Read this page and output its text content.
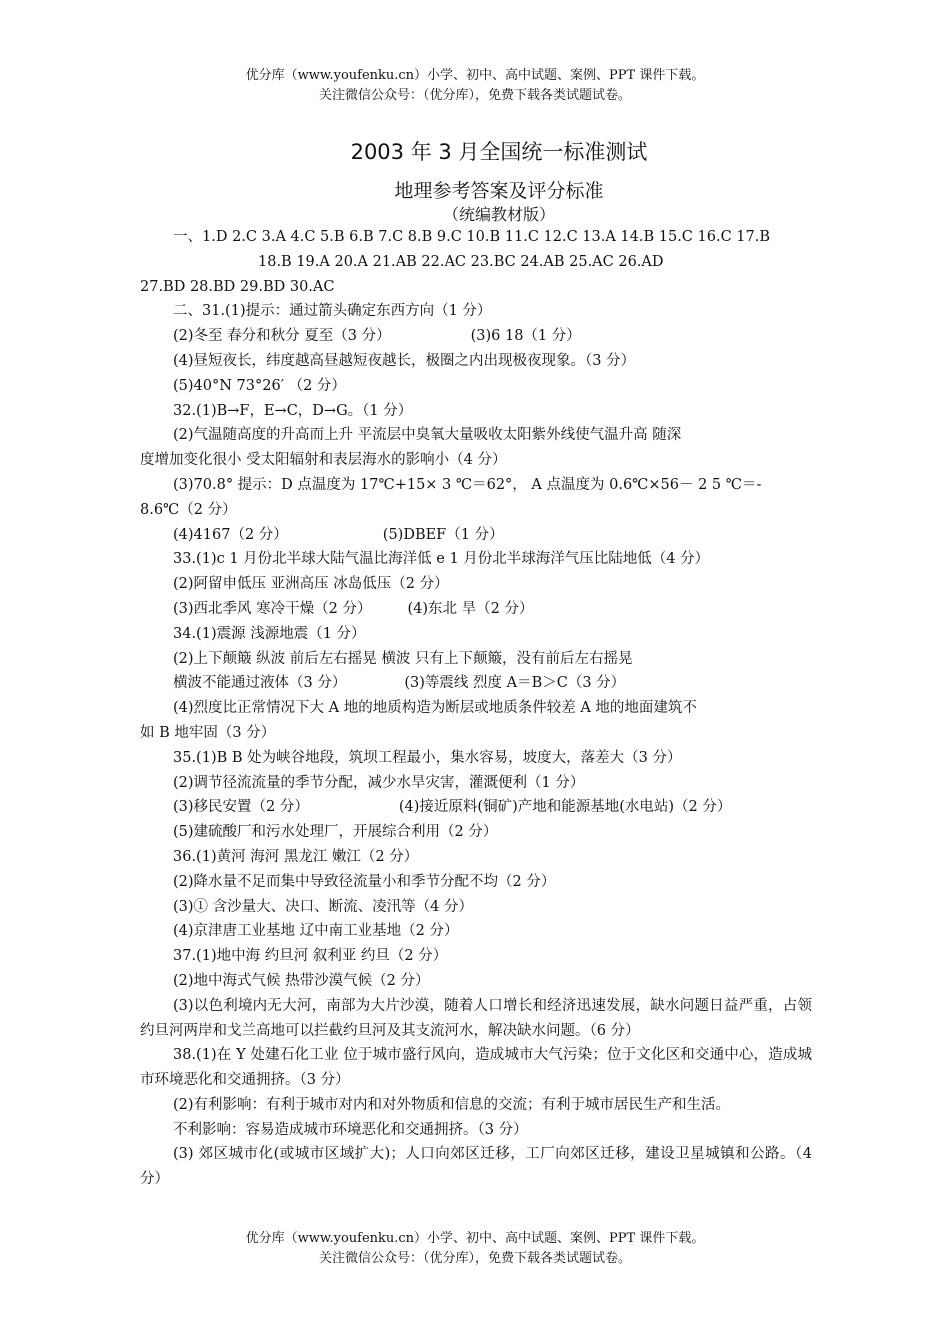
优分库（www.youfenku.cn）小学、初中、高中试题、案例、PPT 课件下载。
关注微信公众号：（优分库），免费下载各类试题试卷。
2003 年 3 月全国统一标准测试
地理参考答案及评分标准
（统编教材版）
一、1.D 2.C 3.A 4.C 5.B 6.B 7.C 8.B 9.C 10.B 11.C 12.C 13.A 14.B 15.C 16.C 17.B
18.B 19.A 20.A 21.AB 22.AC 23.BC 24.AB 25.AC 26.AD
27.BD 28.BD 29.BD 30.AC
二、31.(1)提示：通过箭头确定东西方向（1 分）
(2)冬至 春分和秋分 夏至（3 分）	(3)6 18（1 分）
(4)昼短夜长，纬度越高昼越短夜越长，极圈之内出现极夜现象。（3 分）
(5)40°N 73°26′ （2 分）
32.(1)B→F，E→C，D→G。（1 分）
(2)气温随高度的升高而上升 平流层中臭氧大量吸收太阳紫外线使气温升高 随深
度增加变化很小 受太阳辐射和表层海水的影响小（4 分）
(3)70.8° 提示：D 点温度为 17℃+15× 3 ℃＝62°， A 点温度为 0.6℃×56－ 2 5 ℃＝-
8.6℃（2 分）
(4)4167（2 分）	(5)DBEF（1 分）
33.(1)c 1 月份北半球大陆气温比海洋低 e 1 月份北半球海洋气压比陆地低（4 分）
(2)阿留申低压 亚洲高压 冰岛低压（2 分）
(3)西北季风 寒冷干燥（2 分） (4)东北 旱（2 分）
34.(1)震源 浅源地震（1 分）
(2)上下颠簸 纵波 前后左右摇晃 横波 只有上下颠簸，没有前后左右摇晃
横波不能通过液体（3 分）	(3)等震线 烈度 A＝B＞C（3 分）
(4)烈度比正常情况下大 A 地的地质构造为断层或地质条件较差 A 地的地面建筑不
如 B 地牢固（3 分）
35.(1)B B 处为峡谷地段，筑坝工程最小，集水容易，坡度大，落差大（3 分）
(2)调节径流流量的季节分配，减少水旱灾害，灌溉便利（1 分）
(3)移民安置（2 分）	(4)接近原料(铜矿)产地和能源基地(水电站)（2 分）
(5)建硫酸厂和污水处理厂，开展综合利用（2 分）
36.(1)黄河 海河 黑龙江 嫩江（2 分）
(2)降水量不足而集中导致径流量小和季节分配不均（2 分）
(3)① 含沙量大、决口、断流、凌汛等（4 分）
(4)京津唐工业基地 辽中南工业基地（2 分）
37.(1)地中海 约旦河 叙利亚 约旦（2 分）
(2)地中海式气候 热带沙漠气候（2 分）
(3)以色利境内无大河，南部为大片沙漠，随着人口增长和经济迅速发展，缺水问题日益严重，占领约旦河两岸和戈兰高地可以拦截约旦河及其支流河水，解决缺水问题。（6 分）
38.(1)在 Y 处建石化工业 位于城市盛行风向，造成城市大气污染；位于文化区和交通中心，造成城市环境恶化和交通拥挤。（3 分）
(2)有利影响：有利于城市对内和对外物质和信息的交流；有利于城市居民生产和生活。
不利影响：容易造成城市环境恶化和交通拥挤。（3 分）
(3) 郊区城市化(或城市区域扩大)；人口向郊区迁移，工厂向郊区迁移，建设卫星城镇和公路。（4 分）
优分库（www.youfenku.cn）小学、初中、高中试题、案例、PPT 课件下载。
关注微信公众号：（优分库），免费下载各类试题试卷。
